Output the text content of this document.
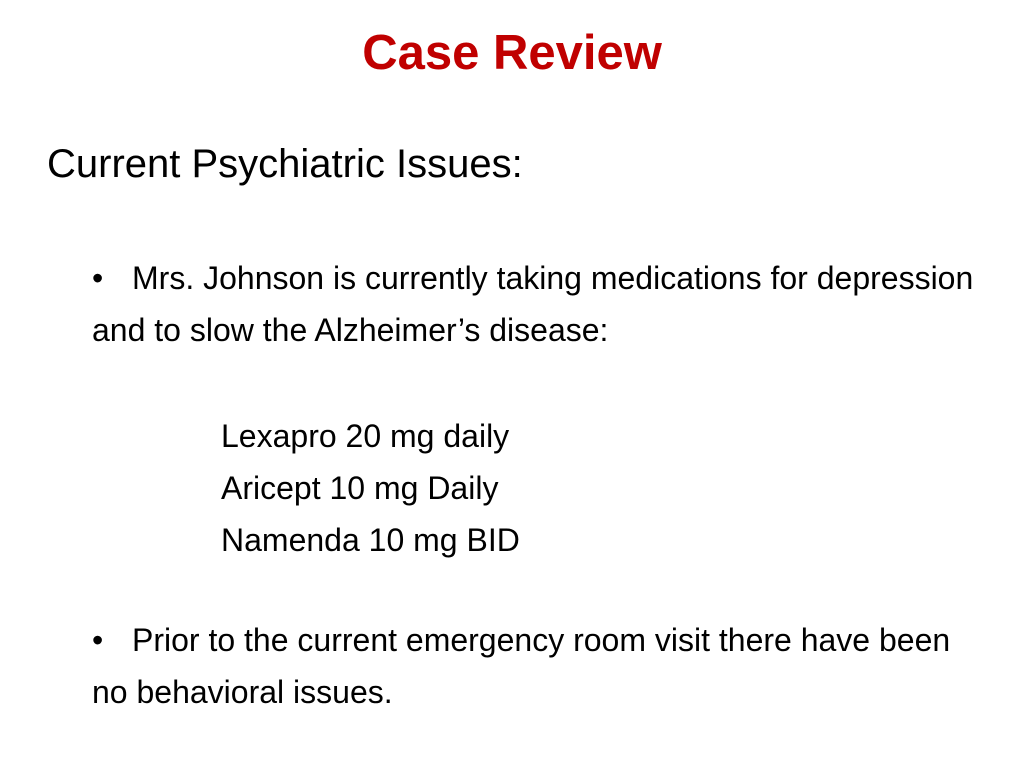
Case Review
Current Psychiatric Issues:
• Mrs. Johnson is currently taking medications for depression and to slow the Alzheimer’s disease:
Lexapro 20 mg daily
Aricept 10 mg Daily
Namenda 10 mg BID
• Prior to the current emergency room visit there have been no behavioral issues.
